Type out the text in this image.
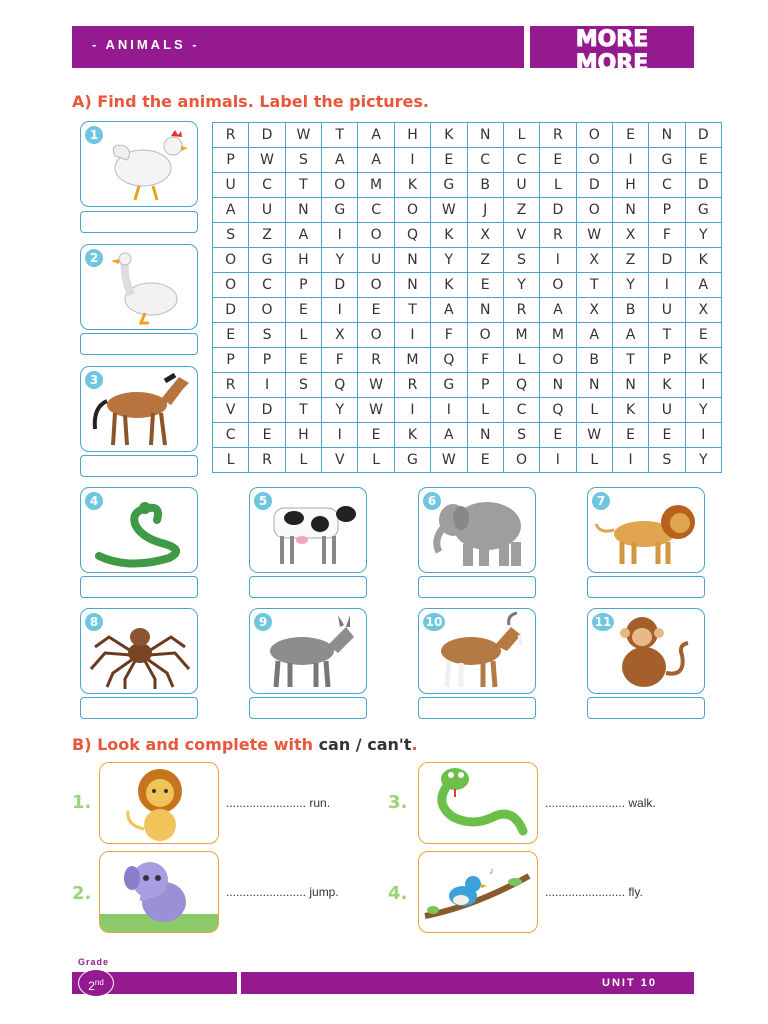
- ANIMALS -	MORE
MORE
A) Find the animals. Label the pictures.
1
2
3
R	D	W	T	A	H	K	N	L	R	O	E	N	D
P	W	S	A	A	I	E	C	C	E	O	I	G	E
U	C	T	O	M	K	G	B	U	L	D	H	C	D
A	U	N	G	C	O	W	J	Z	D	O	N	P	G
S	Z	A	I	O	Q	K	X	V	R	W	X	F	Y
O	G	H	Y	U	N	Y	Z	S	I	X	Z	D	K
O	C	P	D	O	N	K	E	Y	O	T	Y	I	A
D	O	E	I	E	T	A	N	R	A	X	B	U	X
E	S	L	X	O	I	F	O	M	M	A	A	T	E
P	P	E	F	R	M	Q	F	L	O	B	T	P	K
R	I	S	Q	W	R	G	P	Q	N	N	N	K	I
V	D	T	Y	W	I	I	L	C	Q	L	K	U	Y
C	E	H	I	E	K	A	N	S	E	W	E	E	I
L	R	L	V	L	G	W	E	O	I	L	I	S	Y
4	5	6	7
8	9	10	11
B) Look and complete with can / can't.
1.	........................ run.
2.	........................ jump.
3.	........................ walk.
4.
♪
........................ fly.
Grade
2nd	UNIT 10
